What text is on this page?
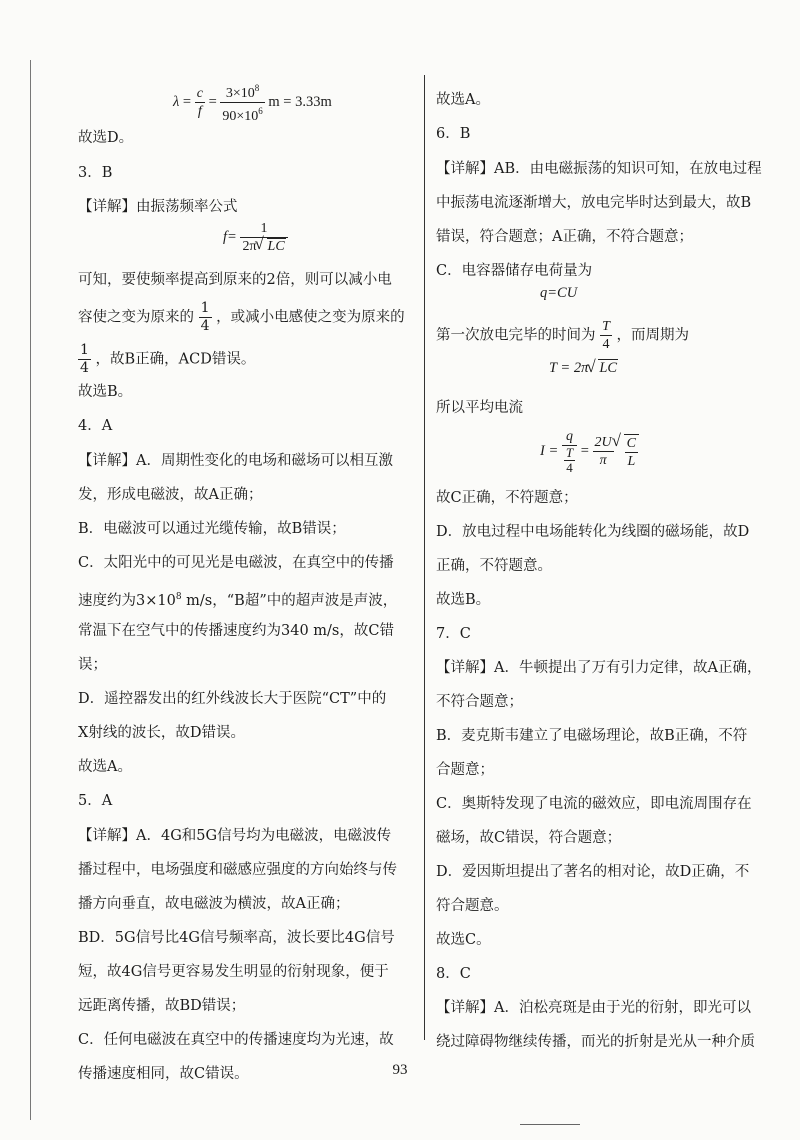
$\lambda = \frac{c}{f} = \frac{3\times 10^8}{90\times 10^6}$ m = 3.33m
故选D。
3．B
【详解】由振荡频率公式
$f= \frac{1}{2\pi √ LC}$
可知，要使频率提高到原来的2倍，则可以减小电
容使之变为原来的 $\frac{1}{4}$ ，或减小电感使之变为原来的
$\frac{1}{4}$ ，故B正确，ACD错误。
故选B。
4．A
【详解】A．周期性变化的电场和磁场可以相互激
发，形成电磁波，故A正确；
B．电磁波可以通过光缆传输，故B错误；
C．太阳光中的可见光是电磁波，在真空中的传播
速度约为$3\times 10^8$ m/s，“B超”中的超声波是声波，
常温下在空气中的传播速度约为340 m/s，故C错
误；
D．遥控器发出的红外线波长大于医院“CT”中的
X射线的波长，故D错误。
故选A。
5．A
【详解】A．4G和5G信号均为电磁波，电磁波传
播过程中，电场强度和磁感应强度的方向始终与传
播方向垂直，故电磁波为横波，故A正确；
BD．5G信号比4G信号频率高，波长要比4G信号
短，故4G信号更容易发生明显的衍射现象，便于
远距离传播，故BD错误；
C．任何电磁波在真空中的传播速度均为光速，故
传播速度相同，故C错误。
故选A。
6．B
【详解】AB．由电磁振荡的知识可知，在放电过程
中振荡电流逐渐增大，放电完毕时达到最大，故B
错误，符合题意；A正确，不符合题意；
C．电容器储存电荷量为
q=CU
第一次放电完毕的时间为 $\frac{T}{4}$ ，而周期为
T = 2π √ LC
所以平均电流
$I = \frac{q}{\frac{T}{4}} = \frac{2U}{\pi}$ √ $\frac{C}{L}$
故C正确，不符题意；
D．放电过程中电场能转化为线圈的磁场能，故D
正确，不符题意。
故选B。
7．C
【详解】A．牛顿提出了万有引力定律，故A正确，
不符合题意；
B．麦克斯韦建立了电磁场理论，故B正确，不符
合题意；
C．奥斯特发现了电流的磁效应，即电流周围存在
磁场，故C错误，符合题意；
D．爱因斯坦提出了著名的相对论，故D正确，不
符合题意。
故选C。
8．C
【详解】A．泊松亮斑是由于光的衍射，即光可以
绕过障碍物继续传播，而光的折射是光从一种介质
93
